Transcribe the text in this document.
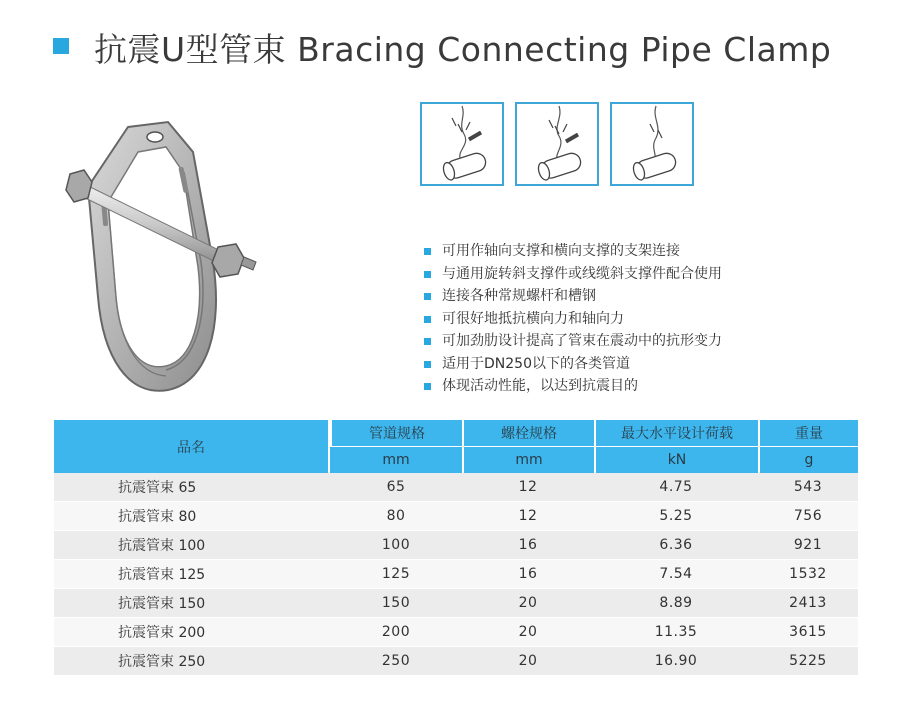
抗震U型管束 Bracing Connecting Pipe Clamp
可用作轴向支撑和横向支撑的支架连接
与通用旋转斜支撑件或线缆斜支撑件配合使用
连接各种常规螺杆和槽钢
可很好地抵抗横向力和轴向力
可加劲肋设计提高了管束在震动中的抗形变力
适用于DN250以下的各类管道
体现活动性能，以达到抗震目的
品名	管道规格	螺栓规格	最大水平设计荷载	重量
	mm	mm	kN	g
抗震管束 65	65	12	4.75	543
抗震管束 80	80	12	5.25	756
抗震管束 100	100	16	6.36	921
抗震管束 125	125	16	7.54	1532
抗震管束 150	150	20	8.89	2413
抗震管束 200	200	20	11.35	3615
抗震管束 250	250	20	16.90	5225
